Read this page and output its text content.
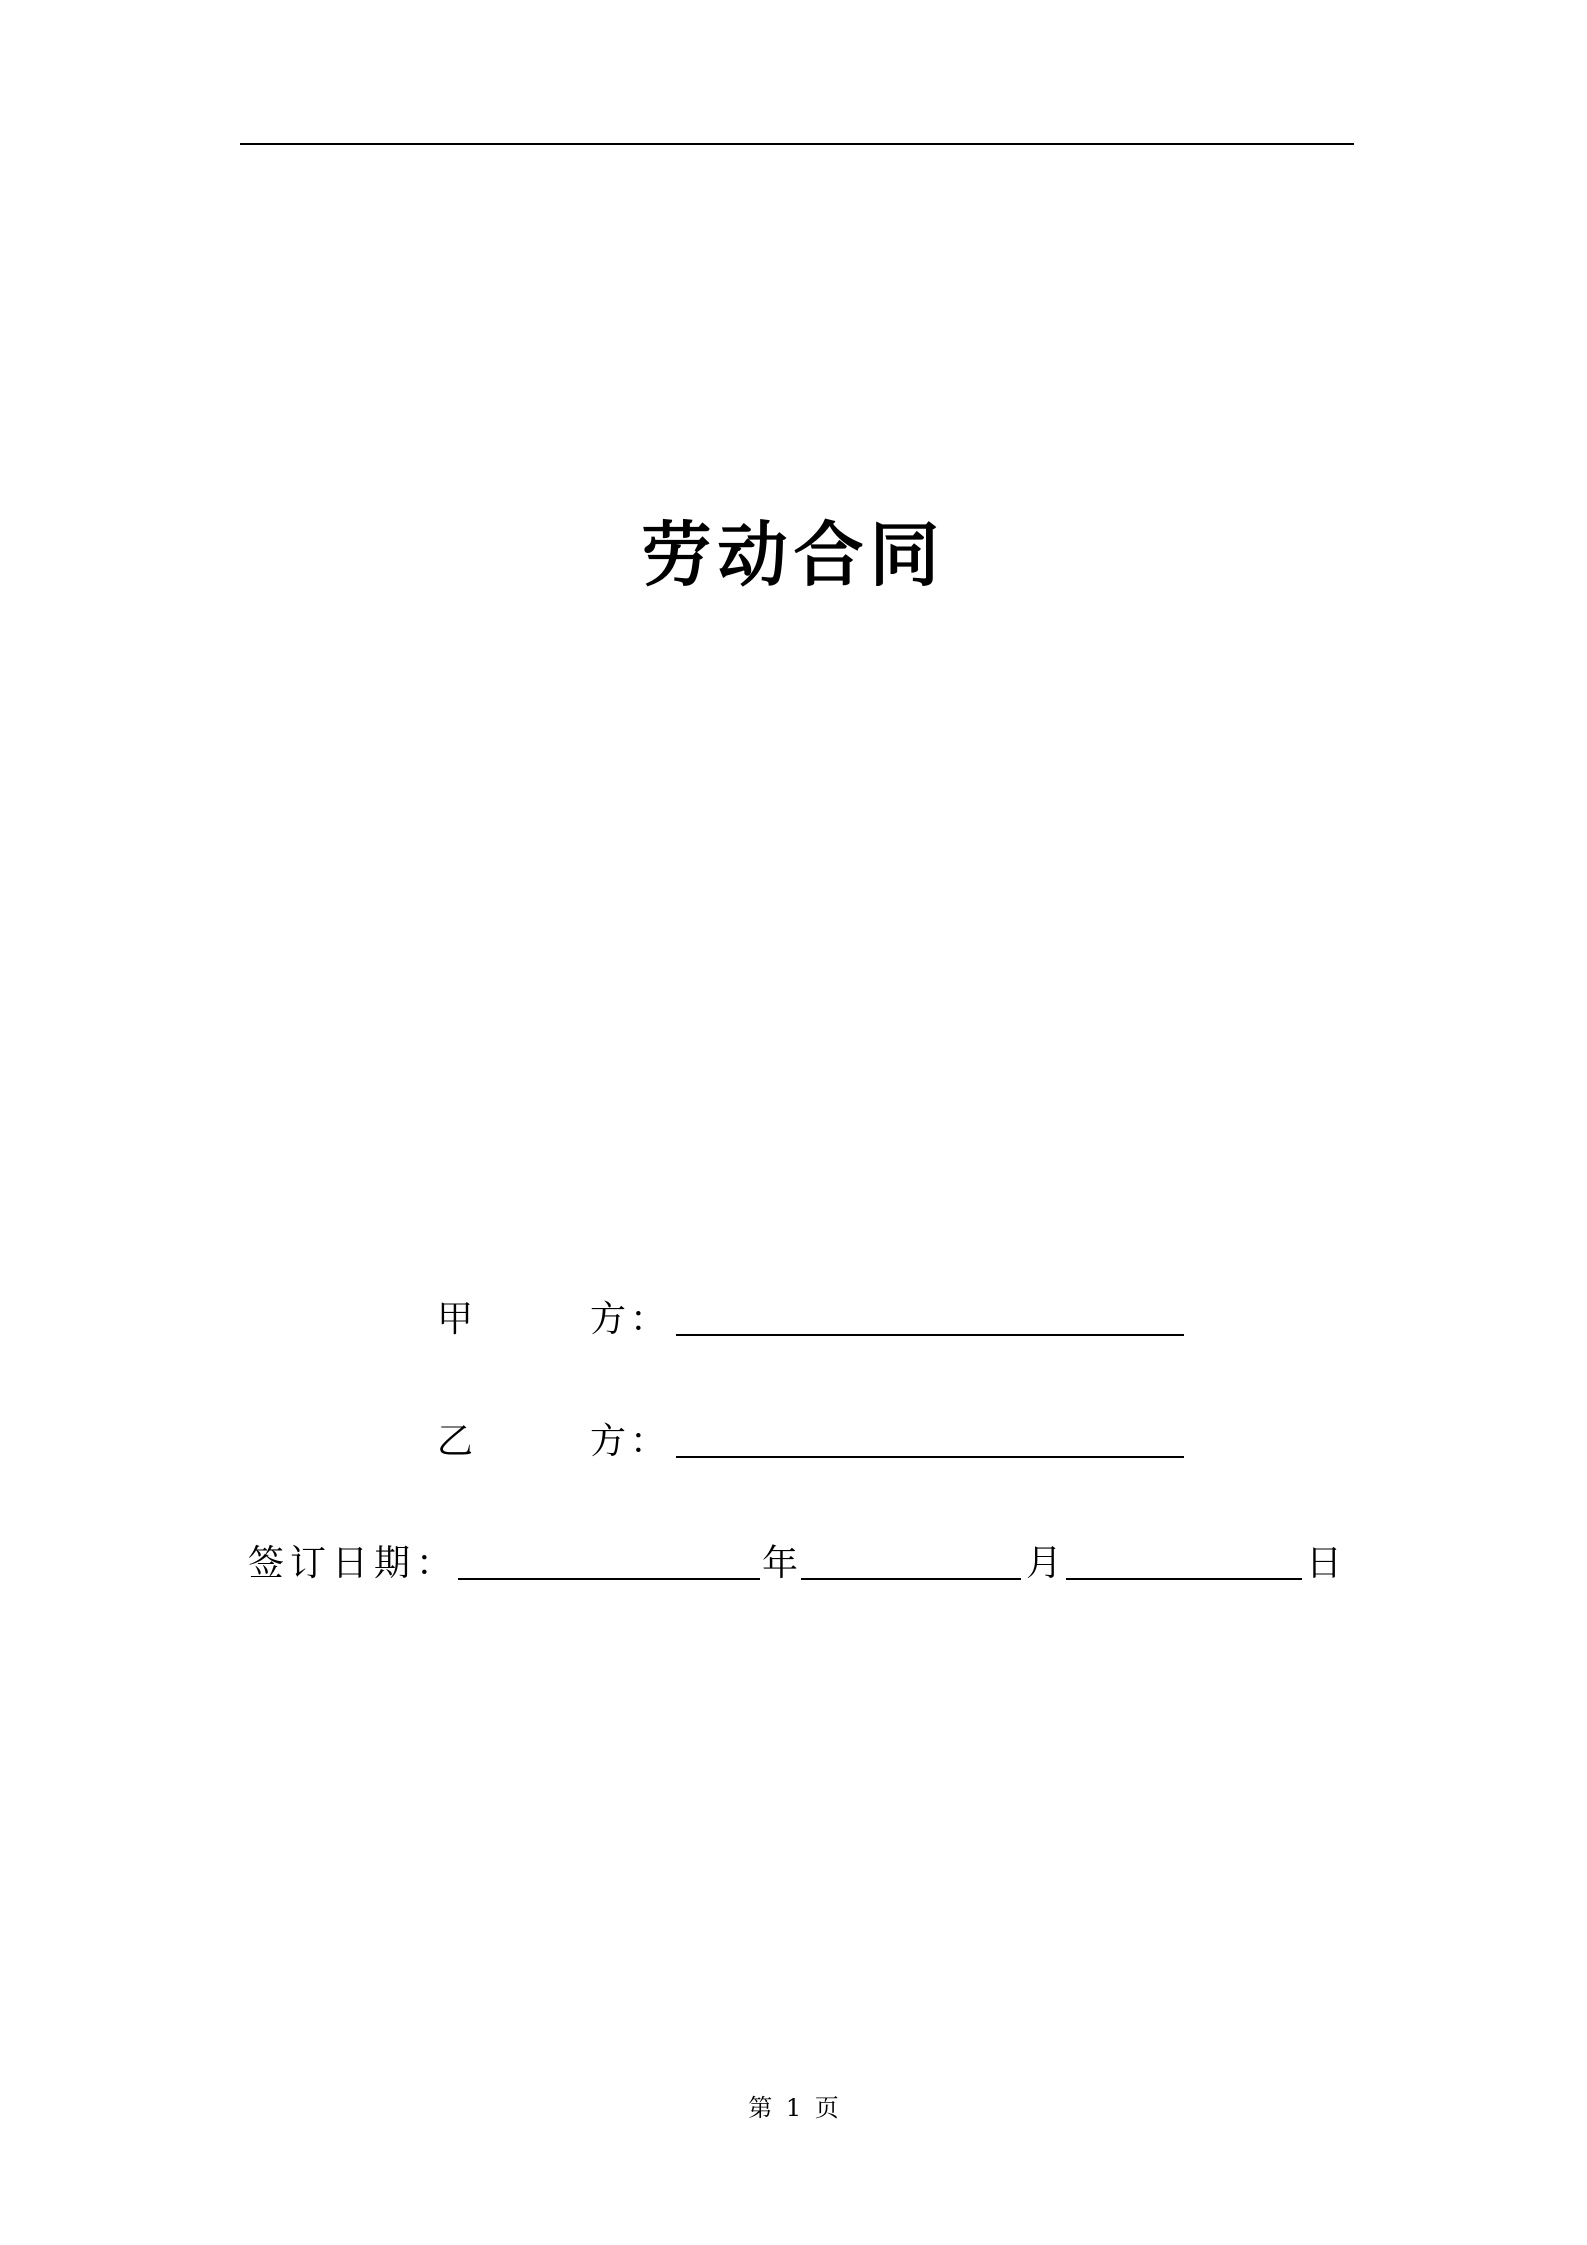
劳动合同
甲	方 ：
乙	方 ：
签订日期：	年	月	日
第 1 页
